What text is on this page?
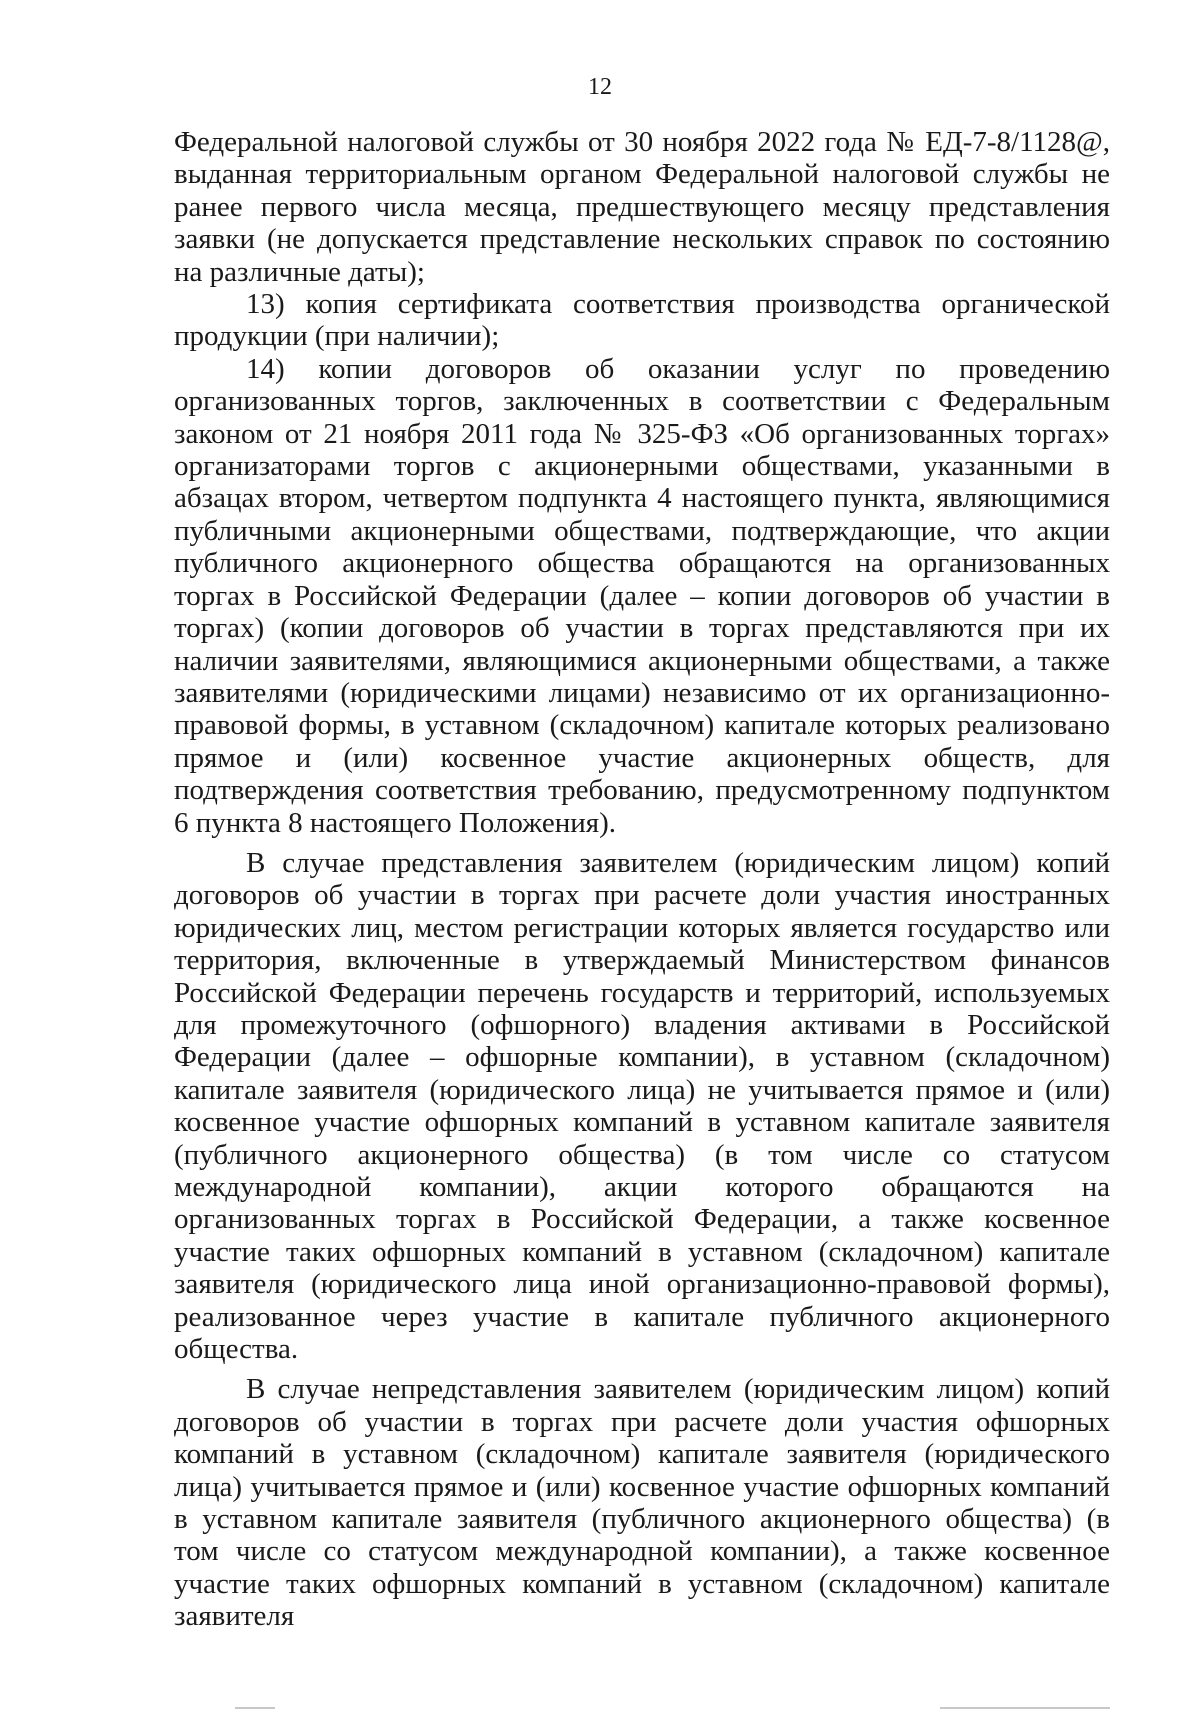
12

Федеральной налоговой службы от 30 ноября 2022 года № ЕД-7-8/1128@, выданная территориальным органом Федеральной налоговой службы не ранее первого числа месяца, предшествующего месяцу представления заявки (не допускается представление нескольких справок по состоянию на различные даты);

13) копия сертификата соответствия производства органической продукции (при наличии);

14) копии договоров об оказании услуг по проведению организованных торгов, заключенных в соответствии с Федеральным законом от 21 ноября 2011 года № 325-ФЗ «Об организованных торгах» организаторами торгов с акционерными обществами, указанными в абзацах втором, четвертом подпункта 4 настоящего пункта, являющимися публичными акционерными обществами, подтверждающие, что акции публичного акционерного общества обращаются на организованных торгах в Российской Федерации (далее – копии договоров об участии в торгах) (копии договоров об участии в торгах представляются при их наличии заявителями, являющимися акционерными обществами, а также заявителями (юридическими лицами) независимо от их организационно-правовой формы, в уставном (складочном) капитале которых реализовано прямое и (или) косвенное участие акционерных обществ, для подтверждения соответствия требованию, предусмотренному подпунктом 6 пункта 8 настоящего Положения).

В случае представления заявителем (юридическим лицом) копий договоров об участии в торгах при расчете доли участия иностранных юридических лиц, местом регистрации которых является государство или территория, включенные в утверждаемый Министерством финансов Российской Федерации перечень государств и территорий, используемых для промежуточного (офшорного) владения активами в Российской Федерации (далее – офшорные компании), в уставном (складочном) капитале заявителя (юридического лица) не учитывается прямое и (или) косвенное участие офшорных компаний в уставном капитале заявителя (публичного акционерного общества) (в том числе со статусом международной компании), акции которого обращаются на организованных торгах в Российской Федерации, а также косвенное участие таких офшорных компаний в уставном (складочном) капитале заявителя (юридического лица иной организационно-правовой формы), реализованное через участие в капитале публичного акционерного общества.

В случае непредставления заявителем (юридическим лицом) копий договоров об участии в торгах при расчете доли участия офшорных компаний в уставном (складочном) капитале заявителя (юридического лица) учитывается прямое и (или) косвенное участие офшорных компаний в уставном капитале заявителя (публичного акционерного общества) (в том числе со статусом международной компании), а также косвенное участие таких офшорных компаний в уставном (складочном) капитале заявителя
